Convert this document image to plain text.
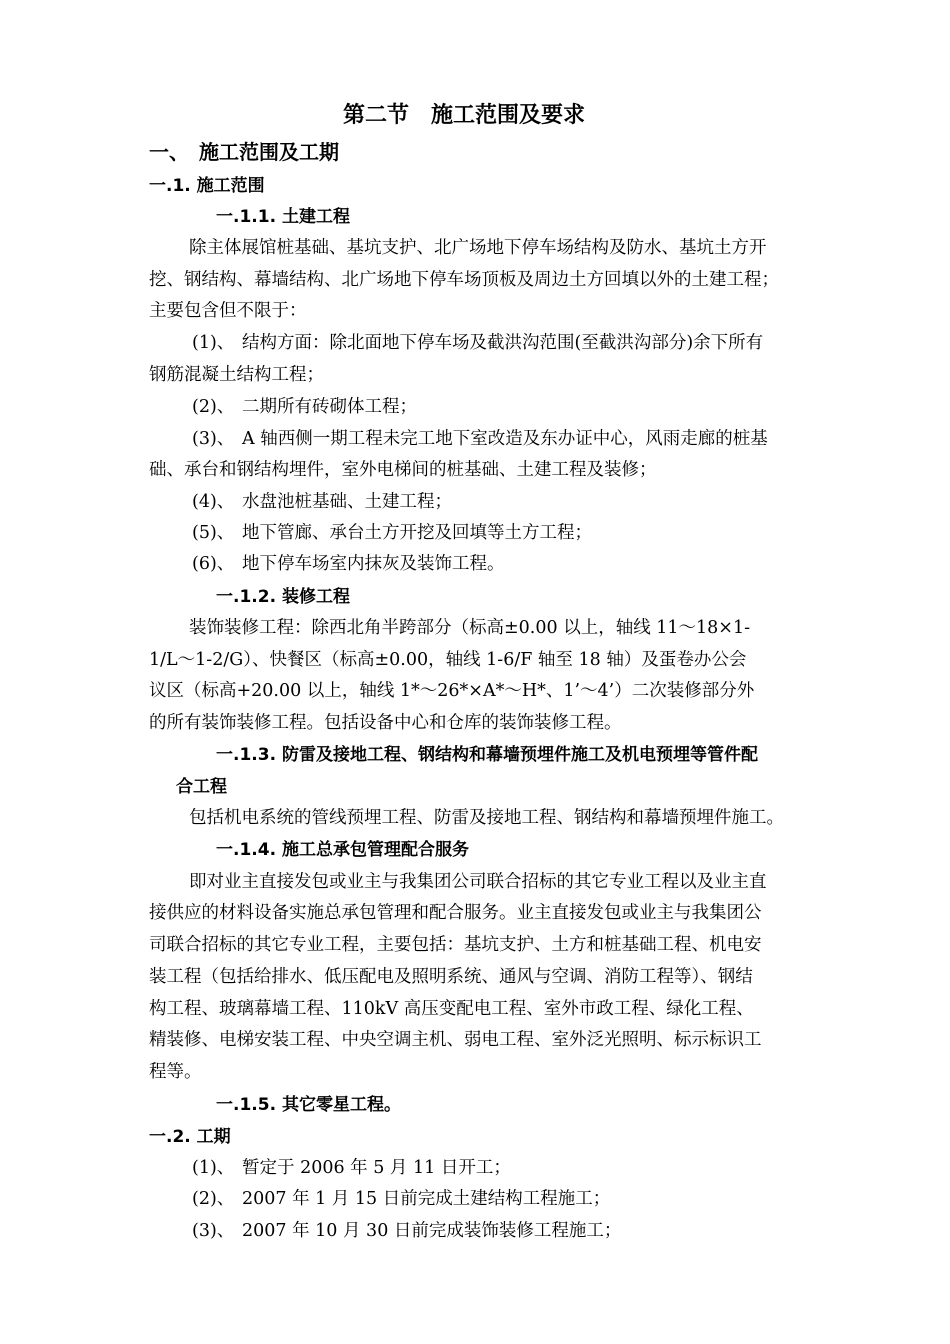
第二节　施工范围及要求
一、　施工范围及工期
一.1. 施工范围
一.1.1. 土建工程
除主体展馆桩基础、基坑支护、北广场地下停车场结构及防水、基坑土方开
挖、钢结构、幕墙结构、北广场地下停车场顶板及周边土方回填以外的土建工程；
主要包含但不限于：
(1)、 结构方面：除北面地下停车场及截洪沟范围(至截洪沟部分)余下所有
钢筋混凝土结构工程；
(2)、 二期所有砖砌体工程；
(3)、 A 轴西侧一期工程未完工地下室改造及东办证中心，风雨走廊的桩基
础、承台和钢结构埋件，室外电梯间的桩基础、土建工程及装修；
(4)、 水盘池桩基础、土建工程；
(5)、 地下管廊、承台土方开挖及回填等土方工程；
(6)、 地下停车场室内抹灰及装饰工程。
一.1.2. 装修工程
装饰装修工程：除西北角半跨部分（标高±0.00 以上，轴线 11～18×1-
1/L～1-2/G）、快餐区（标高±0.00，轴线 1-6/F 轴至 18 轴）及蛋卷办公会
议区（标高+20.00 以上，轴线 1*～26*×A*～H*、1’～4’）二次装修部分外
的所有装饰装修工程。包括设备中心和仓库的装饰装修工程。
一.1.3. 防雷及接地工程、钢结构和幕墙预埋件施工及机电预埋等管件配
合工程
包括机电系统的管线预埋工程、防雷及接地工程、钢结构和幕墙预埋件施工。
一.1.4. 施工总承包管理配合服务
即对业主直接发包或业主与我集团公司联合招标的其它专业工程以及业主直
接供应的材料设备实施总承包管理和配合服务。业主直接发包或业主与我集团公
司联合招标的其它专业工程，主要包括：基坑支护、土方和桩基础工程、机电安
装工程（包括给排水、低压配电及照明系统、通风与空调、消防工程等）、钢结
构工程、玻璃幕墙工程、110kV 高压变配电工程、室外市政工程、绿化工程、
精装修、电梯安装工程、中央空调主机、弱电工程、室外泛光照明、标示标识工
程等。
一.1.5. 其它零星工程。
一.2. 工期
(1)、 暂定于 2006 年 5 月 11 日开工；
(2)、 2007 年 1 月 15 日前完成土建结构工程施工；
(3)、 2007 年 10 月 30 日前完成装饰装修工程施工；
